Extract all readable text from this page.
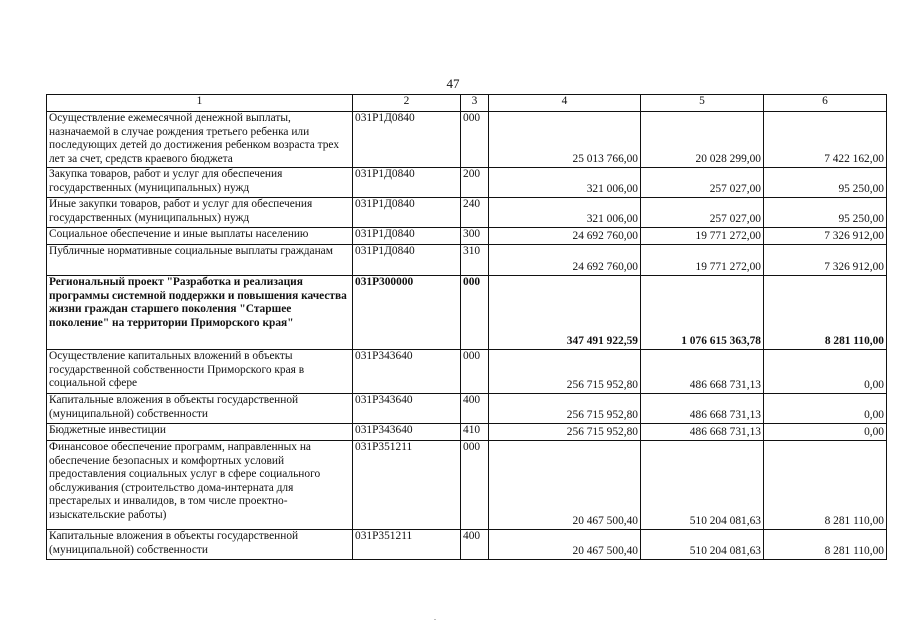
47
1	2	3	4	5	6
Осуществление ежемесячной денежной выплаты, назначаемой в случае рождения третьего ребенка или последующих детей до достижения ребенком возраста трех лет за счет, средств краевого бюджета	031Р1Д0840	000	25 013 766,00	20 028 299,00	7 422 162,00
Закупка товаров, работ и услуг для обеспечения государственных (муниципальных) нужд	031Р1Д0840	200	321 006,00	257 027,00	95 250,00
Иные закупки товаров, работ и услуг для обеспечения государственных (муниципальных) нужд	031Р1Д0840	240	321 006,00	257 027,00	95 250,00
Социальное обеспечение и иные выплаты населению	031Р1Д0840	300	24 692 760,00	19 771 272,00	7 326 912,00
Публичные нормативные социальные выплаты гражданам	031Р1Д0840	310	24 692 760,00	19 771 272,00	7 326 912,00
Региональный проект "Разработка и реализация программы системной поддержки и повышения качества жизни граждан старшего поколения "Старшее поколение" на территории Приморского края"	031Р300000	000	347 491 922,59	1 076 615 363,78	8 281 110,00
Осуществление капитальных вложений в объекты государственной собственности Приморского края в социальной сфере	031Р343640	000	256 715 952,80	486 668 731,13	0,00
Капитальные вложения в объекты государственной (муниципальной) собственности	031Р343640	400	256 715 952,80	486 668 731,13	0,00
Бюджетные инвестиции	031Р343640	410	256 715 952,80	486 668 731,13	0,00
Финансовое обеспечение программ, направленных на обеспечение безопасных и комфортных условий предоставления социальных услуг в сфере социального обслуживания (строительство дома-интерната для престарелых и инвалидов, в том числе проектно-изыскательские работы)	031Р351211	000	20 467 500,40	510 204 081,63	8 281 110,00
Капитальные вложения в объекты государственной (муниципальной) собственности	031Р351211	400	20 467 500,40	510 204 081,63	8 281 110,00
